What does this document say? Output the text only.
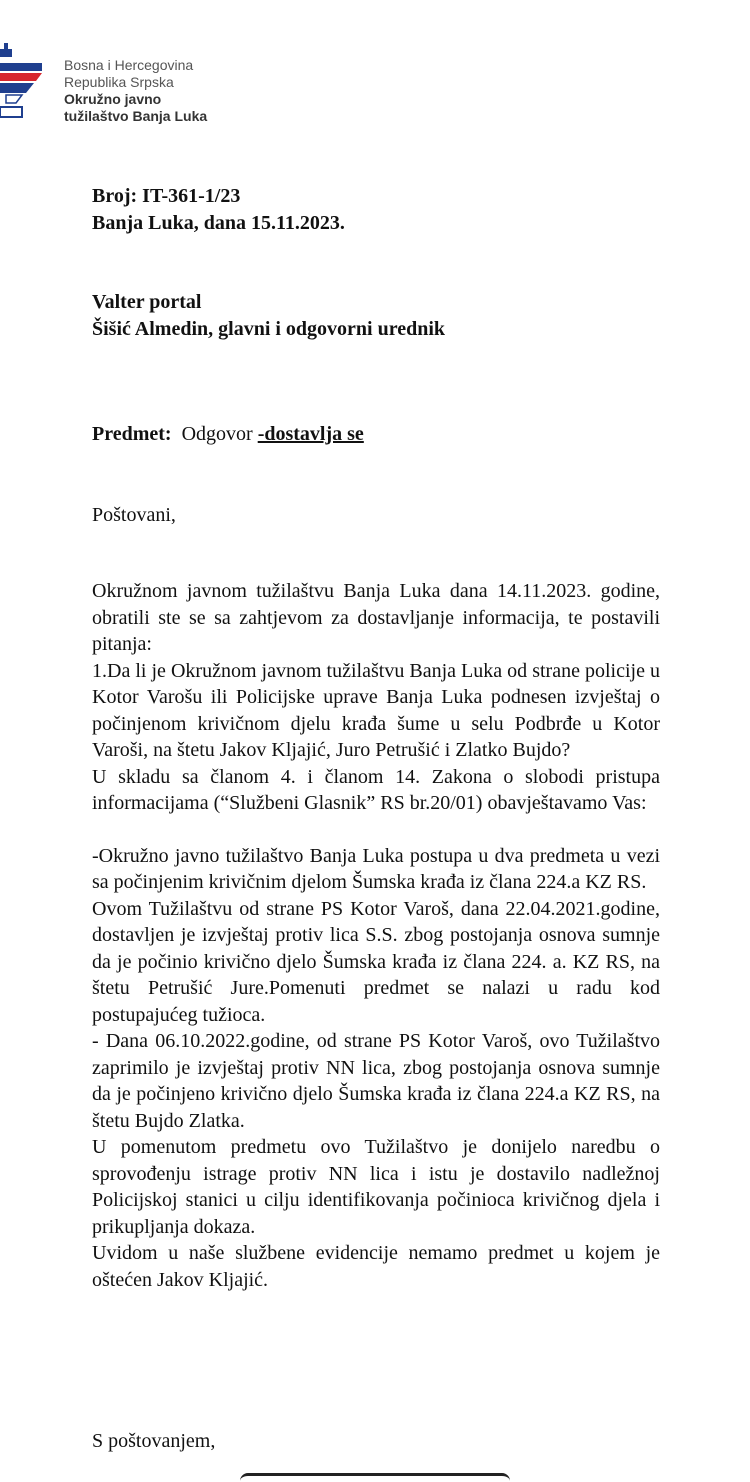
Bosna i Hercegovina
Republika Srpska
Okružno javno
tužilaštvo Banja Luka
Broj: IT-361-1/23
Banja Luka, dana 15.11.2023.
Valter portal
Šišić Almedin, glavni i odgovorni urednik
Predmet: Odgovor -dostavlja se
Poštovani,

Okružnom javnom tužilaštvu Banja Luka dana 14.11.2023. godine, obratili ste se sa zahtjevom za dostavljanje informacija, te postavili pitanja:

1.Da li je Okružnom javnom tužilaštvu Banja Luka od strane policije u Kotor Varošu ili Policijske uprave Banja Luka podnesen izvještaj o počinjenom krivičnom djelu krađa šume u selu Podbrđe u Kotor Varoši, na štetu Jakov Kljajić, Juro Petrušić i Zlatko Bujdo?

U skladu sa članom 4. i članom 14. Zakona o slobodi pristupa informacijama (“Službeni Glasnik” RS br.20/01) obavještavamo Vas:

-Okružno javno tužilaštvo Banja Luka postupa u dva predmeta u vezi sa počinjenim krivičnim djelom Šumska krađa iz člana 224.a KZ RS.

Ovom Tužilaštvu od strane PS Kotor Varoš, dana 22.04.2021.godine, dostavljen je izvještaj protiv lica S.S. zbog postojanja osnova sumnje da je počinio krivično djelo Šumska krađa iz člana 224. a. KZ RS, na štetu Petrušić Jure.Pomenuti predmet se nalazi u radu kod postupajućeg tužioca.

- Dana 06.10.2022.godine, od strane PS Kotor Varoš, ovo Tužilaštvo zaprimilo je izvještaj protiv NN lica, zbog postojanja osnova sumnje da je počinjeno krivično djelo Šumska krađa iz člana 224.a KZ RS, na štetu Bujdo Zlatka.

U pomenutom predmetu ovo Tužilaštvo je donijelo naredbu o sprovođenju istrage protiv NN lica i istu je dostavilo nadležnoj Policijskoj stanici u cilju identifikovanja počinioca krivičnog djela i prikupljanja dokaza.

Uvidom u naše službene evidencije nemamo predmet u kojem je oštećen Jakov Kljajić.

S poštovanjem,
